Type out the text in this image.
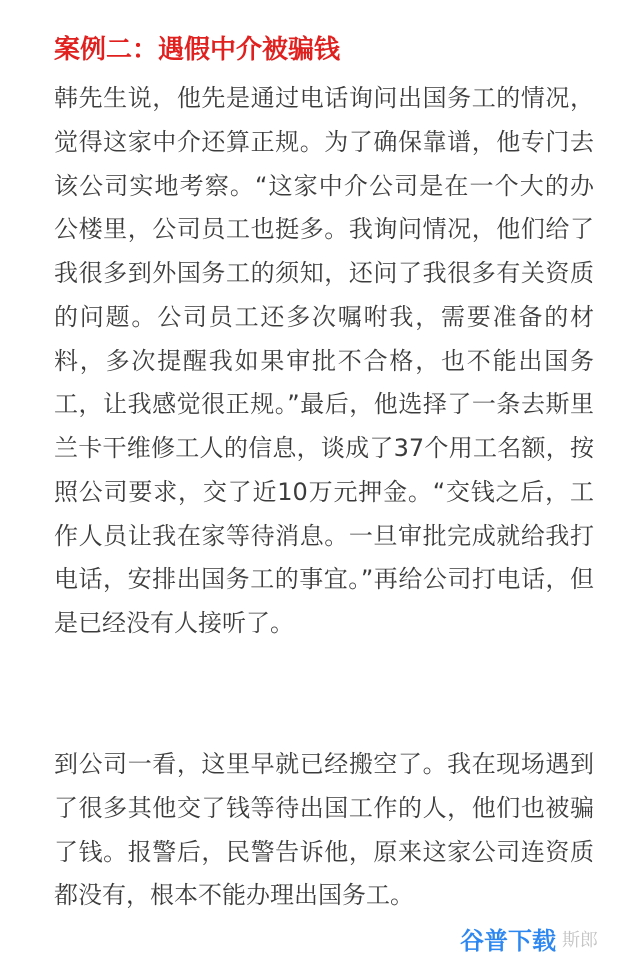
案例二：遇假中介被骗钱

韩先生说，他先是通过电话询问出国务工的情况，觉得这家中介还算正规。为了确保靠谱，他专门去该公司实地考察。“这家中介公司是在一个大的办公楼里，公司员工也挺多。我询问情况，他们给了我很多到外国务工的须知，还问了我很多有关资质的问题。公司员工还多次嘱咐我，需要准备的材料，多次提醒我如果审批不合格，也不能出国务工，让我感觉很正规。”最后，他选择了一条去斯里兰卡干维修工人的信息，谈成了37个用工名额，按照公司要求，交了近10万元押金。“交钱之后，工作人员让我在家等待消息。一旦审批完成就给我打电话，安排出国务工的事宜。”再给公司打电话，但是已经没有人接听了。

到公司一看，这里早就已经搬空了。我在现场遇到了很多其他交了钱等待出国工作的人，他们也被骗了钱。报警后，民警告诉他，原来这家公司连资质都没有，根本不能办理出国务工。

谷普下载 斯郎
